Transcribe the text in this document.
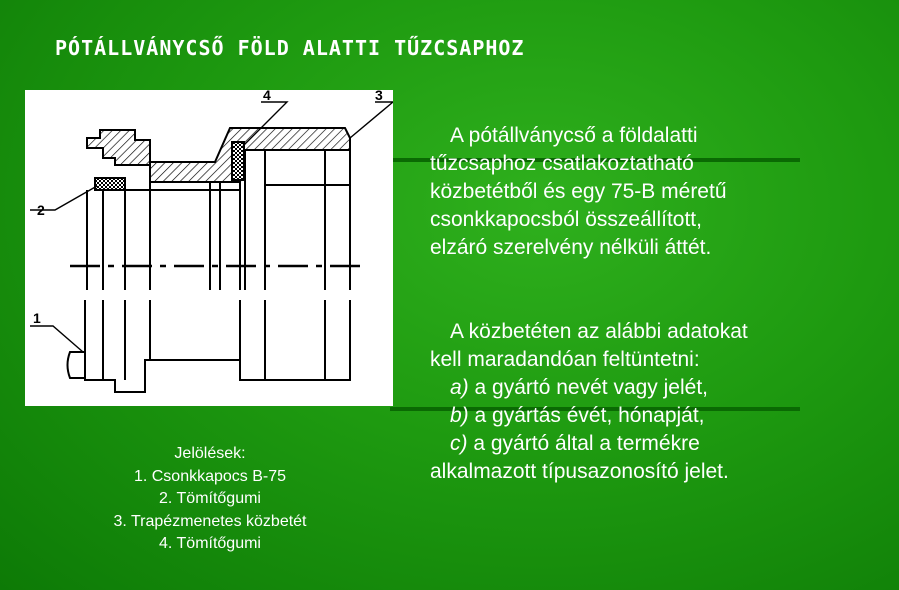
PÓTÁLLVÁNYCSŐ FÖLD ALATTI TŰZCSAPHOZ
4	3
2
1
Jelölések:
1. Csonkkapocs B-75
2. Tömítőgumi
3. Trapézmenetes közbetét
4. Tömítőgumi

A pótállványcső a földalatti

tűzcsaphoz csatlakoztatható

közbetétből és egy 75-B méretű

csonkkapocsból összeállított,

elzáró szerelvény nélküli áttét.

A közbetéten az alábbi adatokat

kell maradandóan feltüntetni:

a) a gyártó nevét vagy jelét,

b) a gyártás évét, hónapját,

c) a gyártó által a termékre

alkalmazott típusazonosító jelet.
